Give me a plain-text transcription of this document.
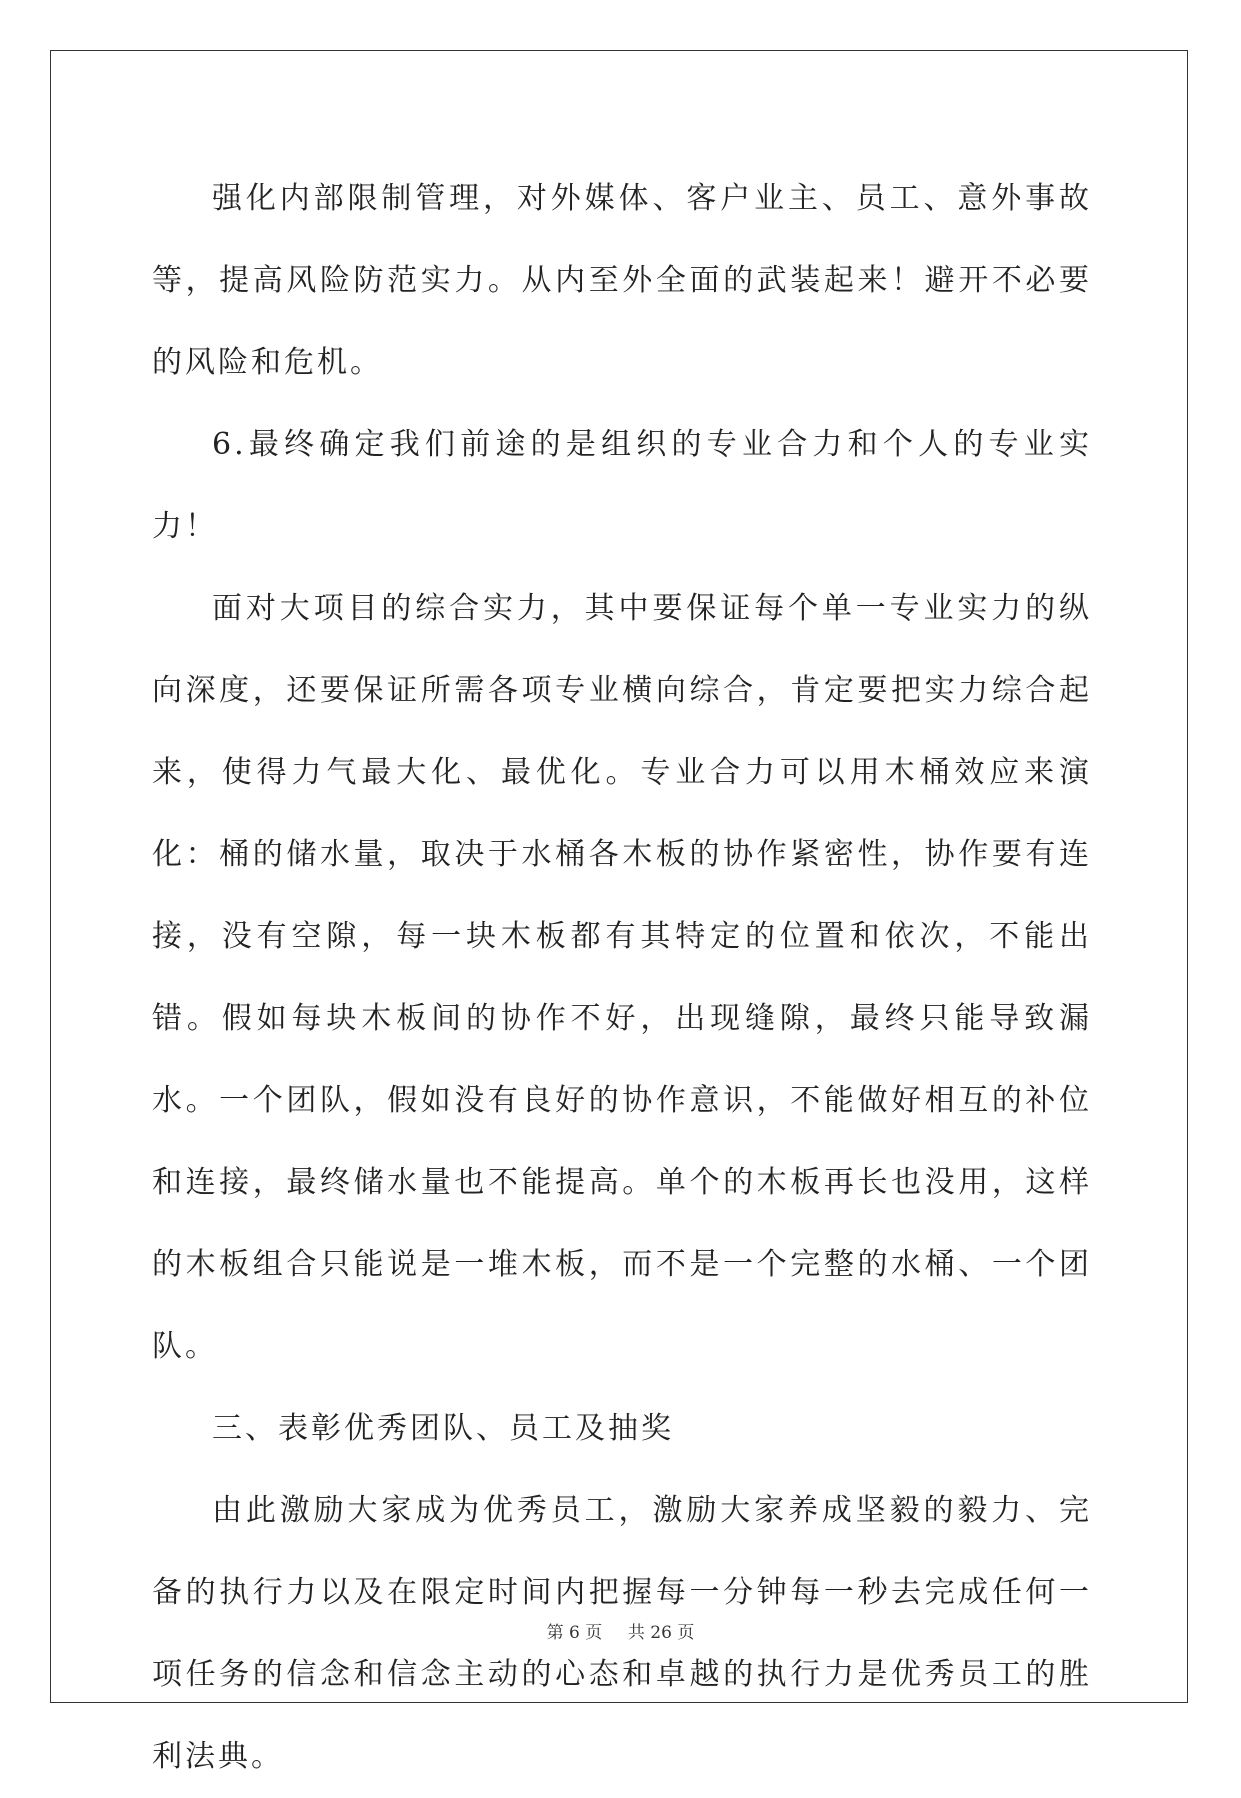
强化内部限制管理，对外媒体、客户业主、员工、意外事故等，提高风险防范实力。从内至外全面的武装起来！避开不必要的风险和危机。

6.最终确定我们前途的是组织的专业合力和个人的专业实力！

面对大项目的综合实力，其中要保证每个单一专业实力的纵向深度，还要保证所需各项专业横向综合，肯定要把实力综合起来，使得力气最大化、最优化。专业合力可以用木桶效应来演化：桶的储水量，取决于水桶各木板的协作紧密性，协作要有连接，没有空隙，每一块木板都有其特定的位置和依次，不能出错。假如每块木板间的协作不好，出现缝隙，最终只能导致漏水。一个团队，假如没有良好的协作意识，不能做好相互的补位和连接，最终储水量也不能提高。单个的木板再长也没用，这样的木板组合只能说是一堆木板，而不是一个完整的水桶、一个团队。

三、表彰优秀团队、员工及抽奖

由此激励大家成为优秀员工，激励大家养成坚毅的毅力、完备的执行力以及在限定时间内把握每一分钟每一秒去完成任何一项任务的信念和信念主动的心态和卓越的执行力是优秀员工的胜利法典。

第 6 页 共 26 页
